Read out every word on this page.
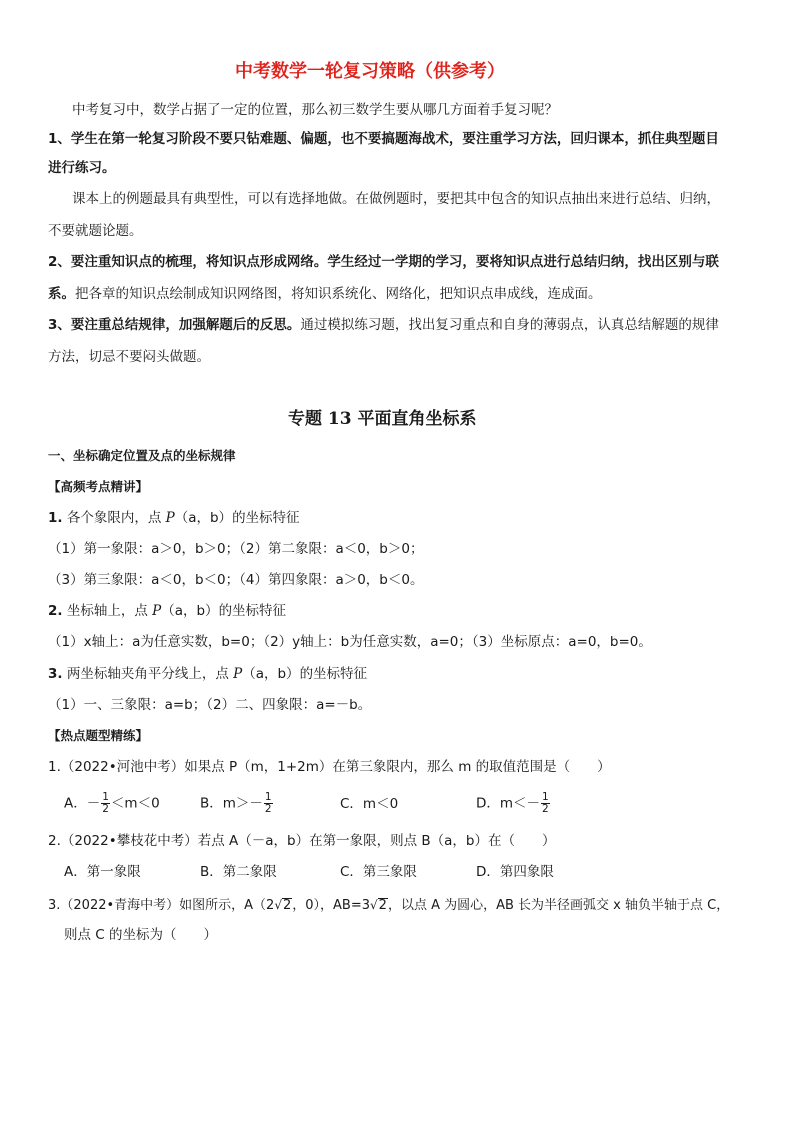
中考数学一轮复习策略（供参考）
中考复习中，数学占据了一定的位置，那么初三数学生要从哪几方面着手复习呢？
1、学生在第一轮复习阶段不要只钻难题、偏题，也不要搞题海战术，要注重学习方法，回归课本，抓住典型题目
进行练习。
课本上的例题最具有典型性，可以有选择地做。在做例题时，要把其中包含的知识点抽出来进行总结、归纳，
不要就题论题。
2、要注重知识点的梳理，将知识点形成网络。学生经过一学期的学习，要将知识点进行总结归纳，找出区别与联
系。把各章的知识点绘制成知识网络图，将知识系统化、网络化，把知识点串成线，连成面。
3、要注重总结规律，加强解题后的反思。通过模拟练习题，找出复习重点和自身的薄弱点，认真总结解题的规律
方法，切忌不要闷头做题。
专题 13 平面直角坐标系
一、坐标确定位置及点的坐标规律
【高频考点精讲】
1. 各个象限内，点 P（a，b）的坐标特征
（1）第一象限：a＞0，b＞0；（2）第二象限：a＜0，b＞0；
（3）第三象限：a＜0，b＜0；（4）第四象限：a＞0，b＜0。
2. 坐标轴上，点 P（a，b）的坐标特征
（1）x轴上：a为任意实数，b=0；（2）y轴上：b为任意实数，a=0；（3）坐标原点：a=0，b=0。
3. 两坐标轴夹角平分线上，点 P（a，b）的坐标特征
（1）一、三象限：a=b；（2）二、四象限：a=－b。
【热点题型精练】
1.（2022•河池中考）如果点 P（m，1+2m）在第三象限内，那么 m 的取值范围是（　　）
A．－ $\frac{1}{2} <m<0$	B．$m>- \frac{1}{2}$	C．m＜0	D．$m<- \frac{1}{2}$
2.（2022•攀枝花中考）若点 A（－a，b）在第一象限，则点 B（a，b）在（　　）
A．第一象限	B．第二象限	C．第三象限	D．第四象限
3.（2022•青海中考）如图所示，A（2√2，0），AB=3√2，以点 A 为圆心，AB 长为半径画弧交 x 轴负半轴于点 C，
则点 C 的坐标为（　　）
